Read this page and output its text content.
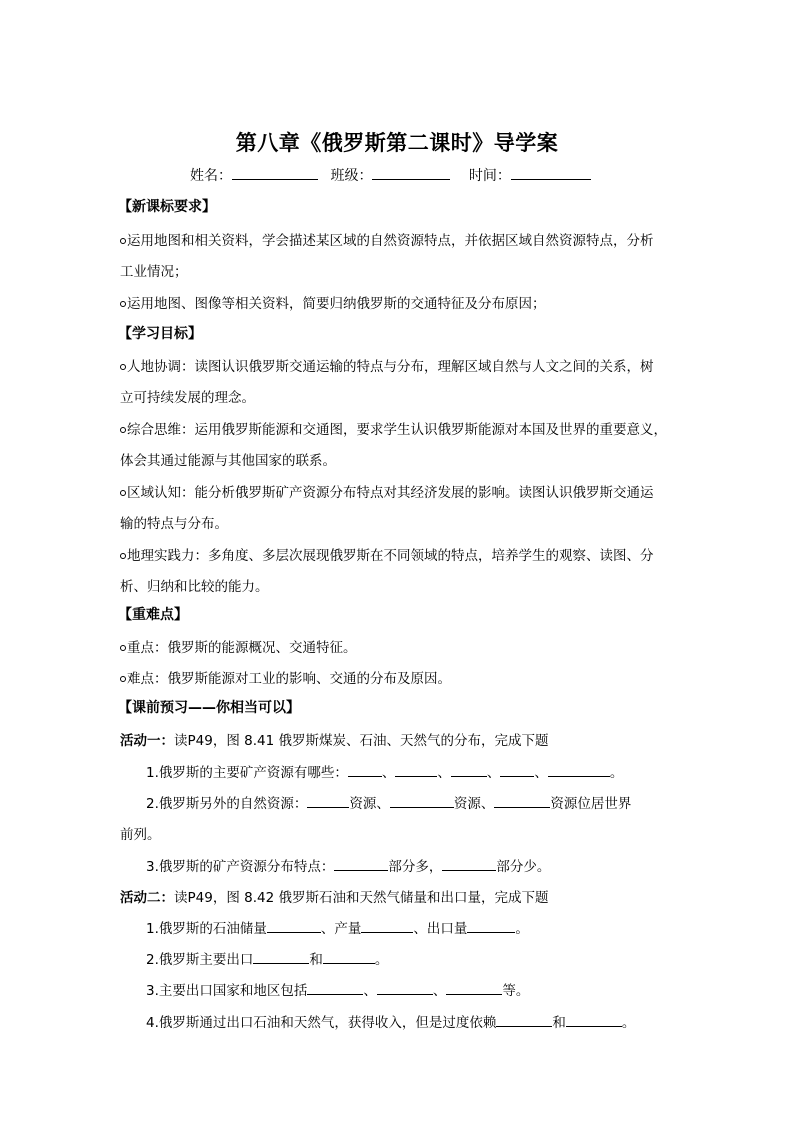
第八章《俄罗斯第二课时》导学案
姓名：	班级：	时间：
【新课标要求】
运用地图和相关资料，学会描述某区域的自然资源特点，并依据区域自然资源特点，分析
工业情况；
运用地图、图像等相关资料，简要归纳俄罗斯的交通特征及分布原因；
【学习目标】
人地协调：读图认识俄罗斯交通运输的特点与分布，理解区域自然与人文之间的关系，树
立可持续发展的理念。
综合思维：运用俄罗斯能源和交通图，要求学生认识俄罗斯能源对本国及世界的重要意义，
体会其通过能源与其他国家的联系。
区域认知：能分析俄罗斯矿产资源分布特点对其经济发展的影响。读图认识俄罗斯交通运
输的特点与分布。
地理实践力：多角度、多层次展现俄罗斯在不同领域的特点，培养学生的观察、读图、分
析、归纳和比较的能力。
【重难点】
重点：俄罗斯的能源概况、交通特征。
难点：俄罗斯能源对工业的影响、交通的分布及原因。
【课前预习——你相当可以】
活动一：读P49，图 8.41 俄罗斯煤炭、石油、天然气的分布，完成下题
1.俄罗斯的主要矿产资源有哪些：	、	、	、	、	。
2.俄罗斯另外的自然资源：	资源、	资源、	资源位居世界
前列。
3.俄罗斯的矿产资源分布特点：	部分多，	部分少。
活动二：读P49，图 8.42 俄罗斯石油和天然气储量和出口量，完成下题
1.俄罗斯的石油储量	、产量	、出口量	。
2.俄罗斯主要出口	和	。
3.主要出口国家和地区包括	、	、	等。
4.俄罗斯通过出口石油和天然气，获得收入，但是过度依赖	和	。
